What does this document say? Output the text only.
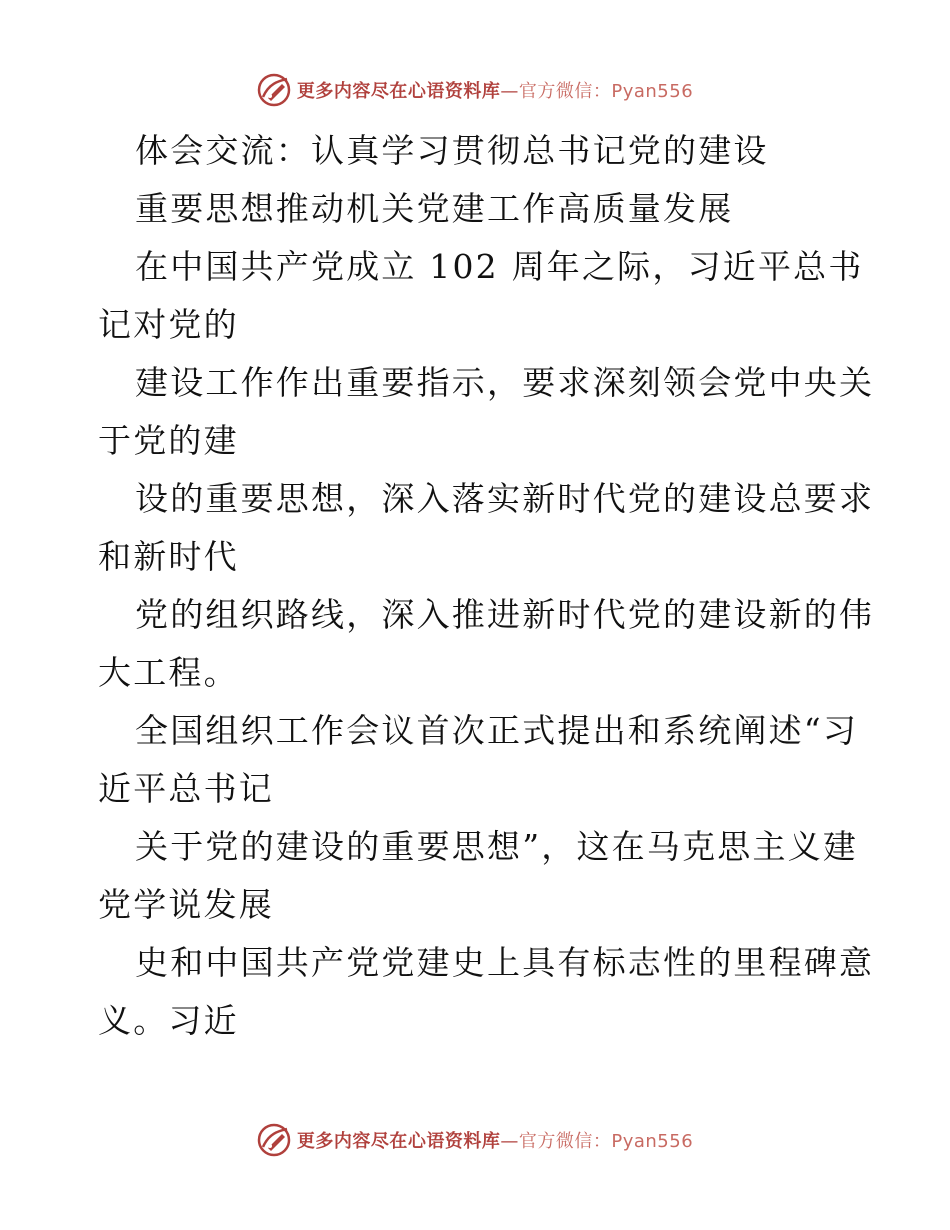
更多内容尽在心语资料库—官方微信：Pyan556
体会交流：认真学习贯彻总书记党的建设
重要思想推动机关党建工作高质量发展
在中国共产党成立 102 周年之际，习近平总书
记对党的
建设工作作出重要指示，要求深刻领会党中央关
于党的建
设的重要思想，深入落实新时代党的建设总要求
和新时代
党的组织路线，深入推进新时代党的建设新的伟
大工程。
全国组织工作会议首次正式提出和系统阐述“习
近平总书记
关于党的建设的重要思想”，这在马克思主义建
党学说发展
史和中国共产党党建史上具有标志性的里程碑意
义。习近
更多内容尽在心语资料库—官方微信：Pyan556
